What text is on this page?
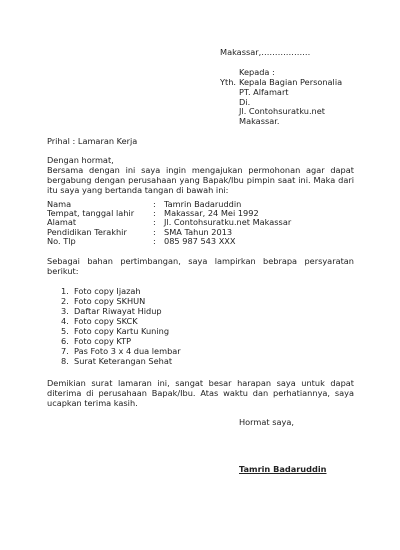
Makassar,………………
Yth.
Kepada :
Kepala Bagian Personalia
PT. Alfamart
Di.
Jl. Contohsuratku.net
Makassar.
Prihal : Lamaran Kerja
Dengan hormat,
Bersama dengan ini saya ingin mengajukan permohonan agar dapat
bergabung dengan perusahaan yang Bapak/Ibu pimpin saat ini. Maka dari
itu saya yang bertanda tangan di bawah ini:
Nama	: Tamrin Badaruddin
Tempat, tanggal lahir : Makassar, 24 Mei 1992
Alamat	: Jl. Contohsuratku.net Makassar
Pendidikan Terakhir	: SMA Tahun 2013
No. Tlp	: 085 987 543 XXX
Sebagai bahan pertimbangan, saya lampirkan bebrapa persyaratan
berikut:
1. Foto copy Ijazah
2. Foto copy SKHUN
3. Daftar Riwayat Hidup
4. Foto copy SKCK
5. Foto copy Kartu Kuning
6. Foto copy KTP
7. Pas Foto 3 x 4 dua lembar
8. Surat Keterangan Sehat
Demikian surat lamaran ini, sangat besar harapan saya untuk dapat
diterima di perusahaan Bapak/Ibu. Atas waktu dan perhatiannya, saya
ucapkan terima kasih.
Hormat saya,
Tamrin Badaruddin
